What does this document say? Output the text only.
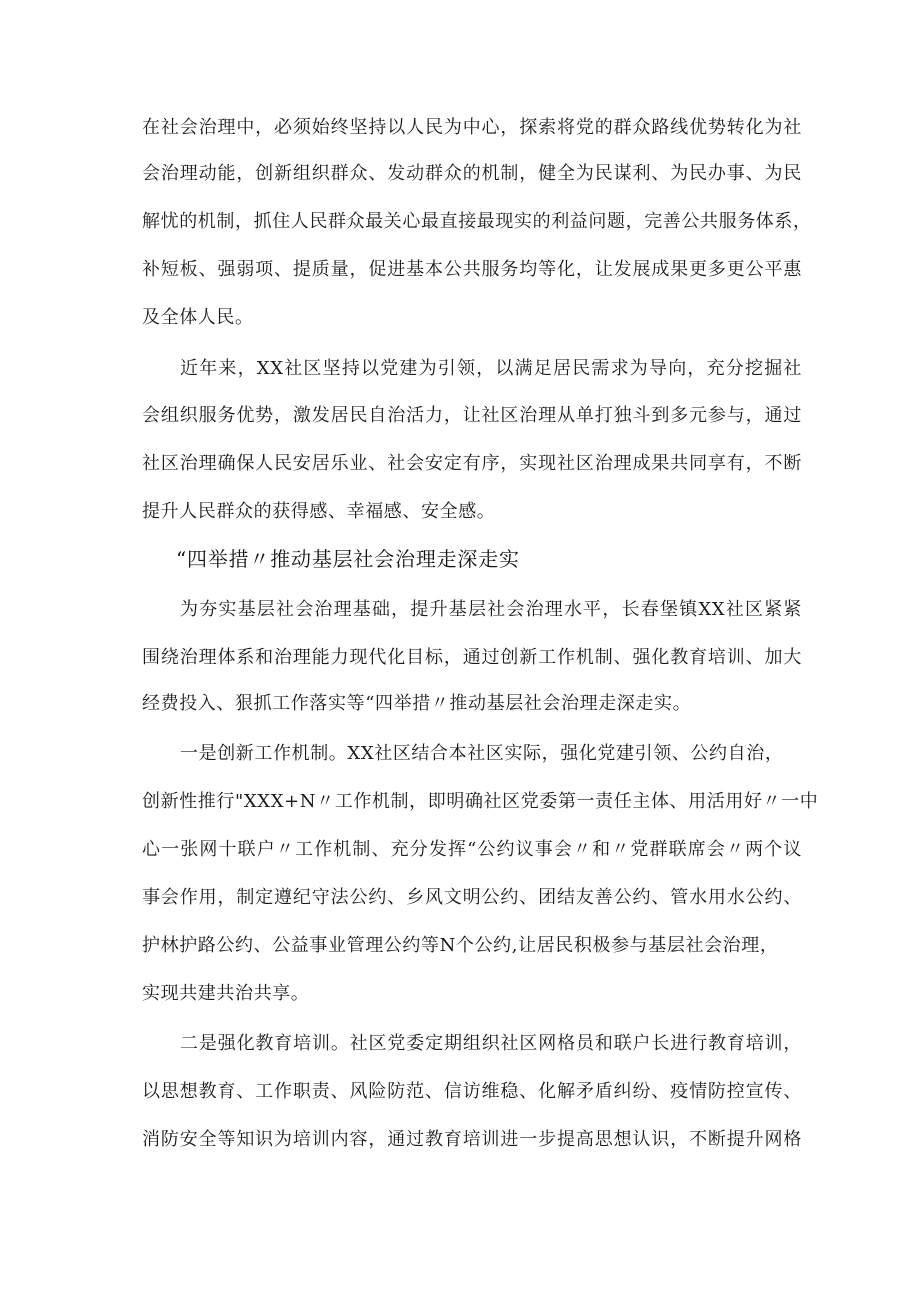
在社会治理中，必须始终坚持以人民为中心，探索将党的群众路线优势转化为社
会治理动能，创新组织群众、发动群众的机制，健全为民谋利、为民办事、为民
解忧的机制，抓住人民群众最关心最直接最现实的利益问题，完善公共服务体系，
补短板、强弱项、提质量，促进基本公共服务均等化，让发展成果更多更公平惠
及全体人民。
近年来，XX社区坚持以党建为引领，以满足居民需求为导向，充分挖掘社
会组织服务优势，激发居民自治活力，让社区治理从单打独斗到多元参与，通过
社区治理确保人民安居乐业、社会安定有序，实现社区治理成果共同享有，不断
提升人民群众的获得感、幸福感、安全感。
“四举措〃推动基层社会治理走深走实
为夯实基层社会治理基础，提升基层社会治理水平，长春堡镇XX社区紧紧
围绕治理体系和治理能力现代化目标，通过创新工作机制、强化教育培训、加大
经费投入、狠抓工作落实等“四举措〃推动基层社会治理走深走实。
一是创新工作机制。XX社区结合本社区实际，强化党建引领、公约自治，
创新性推行"XXX+N〃工作机制，即明确社区党委第一责任主体、用活用好〃一中
心一张网十联户〃工作机制、充分发挥“公约议事会〃和〃党群联席会〃两个议
事会作用，制定遵纪守法公约、乡风文明公约、团结友善公约、管水用水公约、
护林护路公约、公益事业管理公约等N个公约,让居民积极参与基层社会治理，
实现共建共治共享。
二是强化教育培训。社区党委定期组织社区网格员和联户长进行教育培训，
以思想教育、工作职责、风险防范、信访维稳、化解矛盾纠纷、疫情防控宣传、
消防安全等知识为培训内容，通过教育培训进一步提高思想认识，不断提升网格
